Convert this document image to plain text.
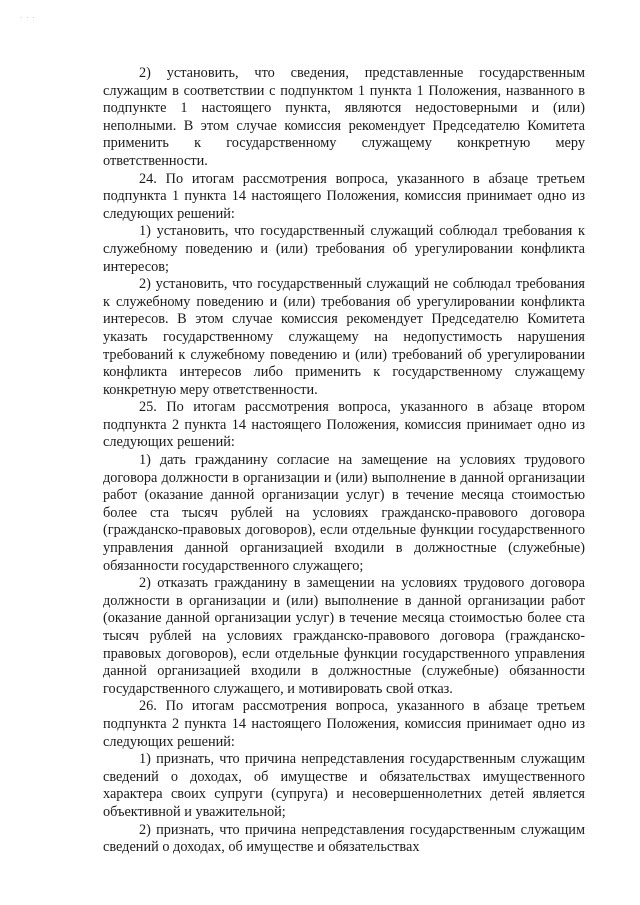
· · ·

2) установить, что сведения, представленные государственным служащим в соответствии с подпунктом 1 пункта 1 Положения, названного в подпункте 1 настоящего пункта, являются недостоверными и (или) неполными. В этом случае комиссия рекомендует Председателю Комитета применить к государственному служащему конкретную меру ответственности.

24. По итогам рассмотрения вопроса, указанного в абзаце третьем подпункта 1 пункта 14 настоящего Положения, комиссия принимает одно из следующих решений:

1) установить, что государственный служащий соблюдал требования к служебному поведению и (или) требования об урегулировании конфликта интересов;

2) установить, что государственный служащий не соблюдал требования к служебному поведению и (или) требования об урегулировании конфликта интересов. В этом случае комиссия рекомендует Председателю Комитета указать государственному служащему на недопустимость нарушения требований к служебному поведению и (или) требований об урегулировании конфликта интересов либо применить к государственному служащему конкретную меру ответственности.

25. По итогам рассмотрения вопроса, указанного в абзаце втором подпункта 2 пункта 14 настоящего Положения, комиссия принимает одно из следующих решений:

1) дать гражданину согласие на замещение на условиях трудового договора должности в организации и (или) выполнение в данной организации работ (оказание данной организации услуг) в течение месяца стоимостью более ста тысяч рублей на условиях гражданско-правового договора (гражданско-правовых договоров), если отдельные функции государственного управления данной организацией входили в должностные (служебные) обязанности государственного служащего;

2) отказать гражданину в замещении на условиях трудового договора должности в организации и (или) выполнение в данной организации работ (оказание данной организации услуг) в течение месяца стоимостью более ста тысяч рублей на условиях гражданско-правового договора (гражданско-правовых договоров), если отдельные функции государственного управления данной организацией входили в должностные (служебные) обязанности государственного служащего, и мотивировать свой отказ.

26. По итогам рассмотрения вопроса, указанного в абзаце третьем подпункта 2 пункта 14 настоящего Положения, комиссия принимает одно из следующих решений:

1) признать, что причина непредставления государственным служащим сведений о доходах, об имуществе и обязательствах имущественного характера своих супруги (супруга) и несовершеннолетних детей является объективной и уважительной;

2) признать, что причина непредставления государственным служащим сведений о доходах, об имуществе и обязательствах
